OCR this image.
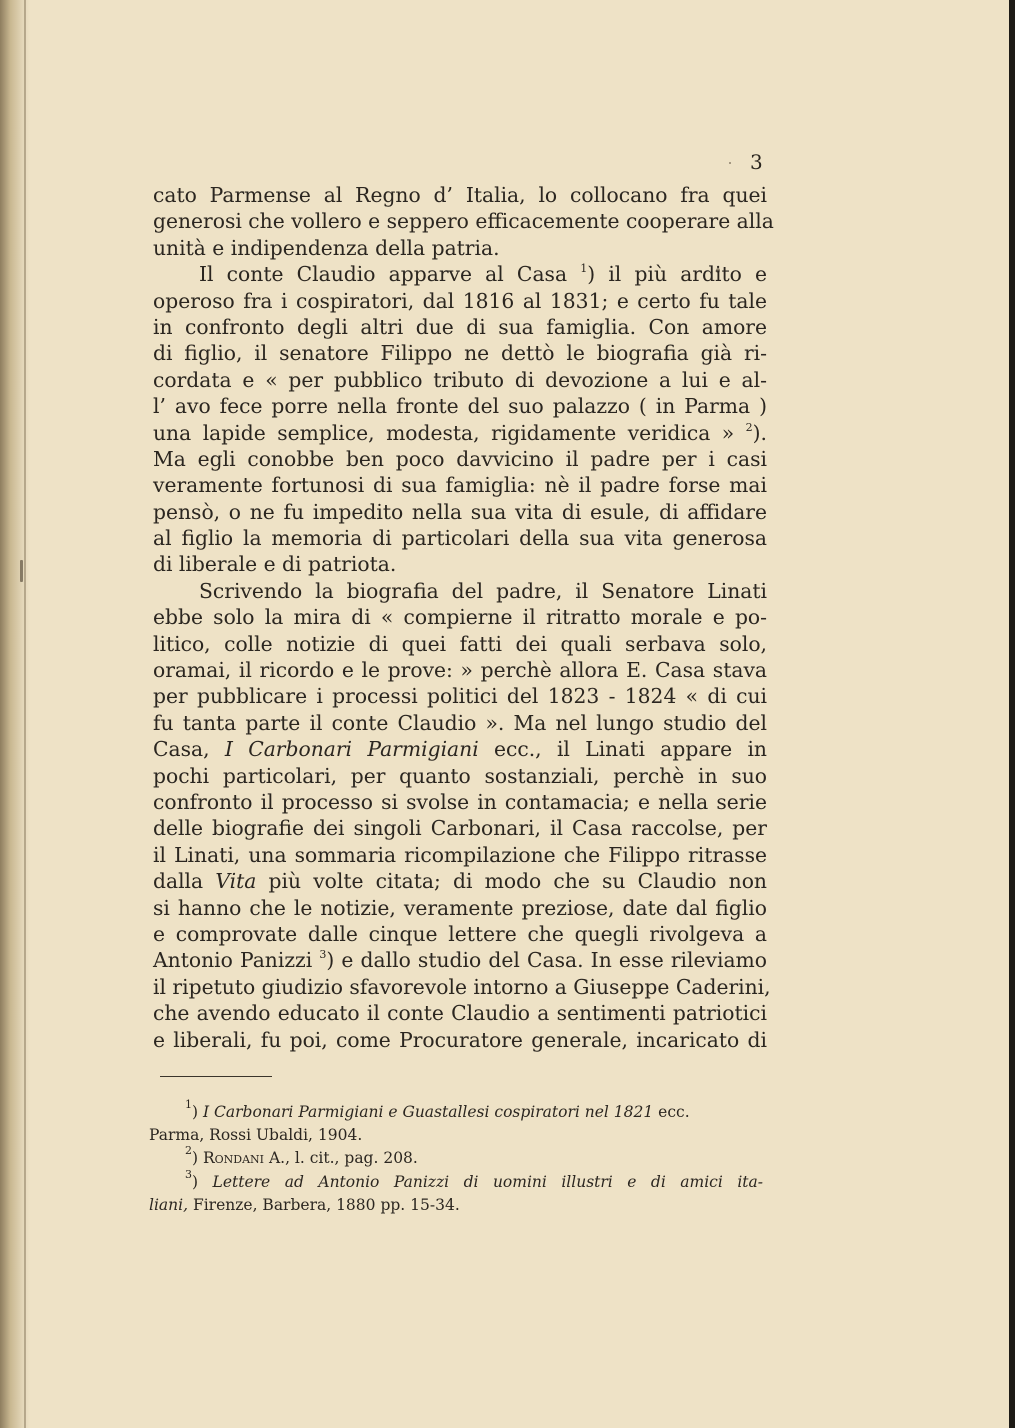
3
cato Parmense al Regno d’ Italia, lo collocano fra quei
generosi che vollero e seppero efficacemente cooperare alla
unità e indipendenza della patria.
Il conte Claudio apparve al Casa $^1$) il più ardito e
operoso fra i cospiratori, dal 1816 al 1831; e certo fu tale
in confronto degli altri due di sua famiglia. Con amore
di figlio, il senatore Filippo ne dettò le biografia già ri-
cordata e « per pubblico tributo di devozione a lui e al-
l’ avo fece porre nella fronte del suo palazzo ( in Parma )
una lapide semplice, modesta, rigidamente veridica » $^2$).
Ma egli conobbe ben poco davvicino il padre per i casi
veramente fortunosi di sua famiglia: nè il padre forse mai
pensò, o ne fu impedito nella sua vita di esule, di affidare
al figlio la memoria di particolari della sua vita generosa
di liberale e di patriota.
Scrivendo la biografia del padre, il Senatore Linati
ebbe solo la mira di « compierne il ritratto morale e po-
litico, colle notizie di quei fatti dei quali serbava solo,
oramai, il ricordo e le prove: » perchè allora E. Casa stava
per pubblicare i processi politici del 1823 - 1824 « di cui
fu tanta parte il conte Claudio ». Ma nel lungo studio del
Casa, I Carbonari Parmigiani ecc., il Linati appare in
pochi particolari, per quanto sostanziali, perchè in suo
confronto il processo si svolse in contamacia; e nella serie
delle biografie dei singoli Carbonari, il Casa raccolse, per
il Linati, una sommaria ricompilazione che Filippo ritrasse
dalla Vita più volte citata; di modo che su Claudio non
si hanno che le notizie, veramente preziose, date dal figlio
e comprovate dalle cinque lettere che quegli rivolgeva a
Antonio Panizzi $^3$) e dallo studio del Casa. In esse rileviamo
il ripetuto giudizio sfavorevole intorno a Giuseppe Caderini,
che avendo educato il conte Claudio a sentimenti patriotici
e liberali, fu poi, come Procuratore generale, incaricato di
$^1$) I Carbonari Parmigiani e Guastallesi cospiratori nel 1821 ecc.
Parma, Rossi Ubaldi, 1904.
$^2$) Rondani A., l. cit., pag. 208.
$^3$) Lettere ad Antonio Panizzi di uomini illustri e di amici ita-
liani, Firenze, Barbera, 1880 pp. 15-34.
